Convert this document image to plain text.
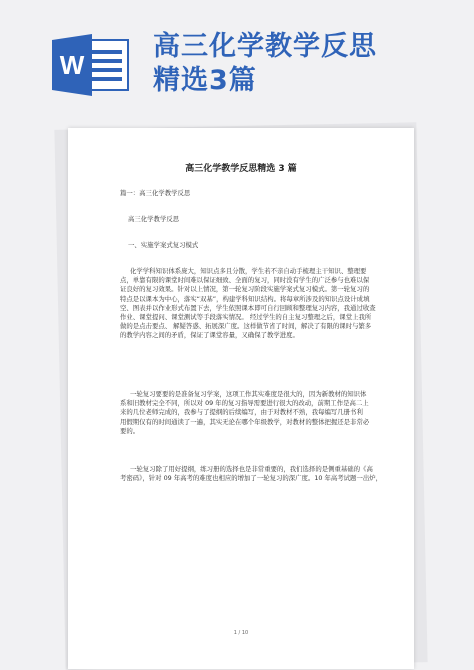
W
高三化学教学反思
精选3篇
高三化学教学反思精选 3 篇
篇一：高三化学教学反思
高三化学教学反思
一、实施学案式复习模式
化学学科知识体系庞大，知识点多且分散，学生若不亲自动手梳理主干知识、整理要
点，单靠有限的课堂时间难以保证细致、全面的复习，同时没有学生的广泛参与也难以保
证良好的复习效果。针对以上情况，第一轮复习阶段实施学案式复习模式。第一轮复习的
特点是以课本为中心，落实“双基”，构建学科知识结构。将每章所涉及的知识点设计成填
空、图表并以作业形式布置下去，学生依照课本即可自行回顾和整理复习内容，我通过收查
作业、课堂提问、课堂测试等手段落实情况。 经过学生的自主复习整理之后，课堂上我所
做的是点击要点、 解疑答惑、拓展深广度。这样做节省了时间，解决了有限的课时与繁多
的教学内容之间的矛盾，保证了课堂容量，又确保了教学进度。
一轮复习要要的是准备复习学案，这项工作其实难度是很大的，因为新教材的知识体
系和旧教材完全不同，所以对 09 年的复习指导需要进行很大的改动，前期工作是高二上
来的几位老师完成的，我参与了提纲的后续编写，由于对教材不熟，我每编写几册书利
用假期仅有的时间通读了一遍，其实无论在哪个年级教学，对教材的整体把握还是非常必
要的。
一轮复习除了用好提纲，练习册的选择也是非常重要的，我们选择的是侧重基础的《高
考密码》，针对 09 年高考的难度也相应的增加了一轮复习的深广度。10 年高考试题一出炉，
1 / 10
